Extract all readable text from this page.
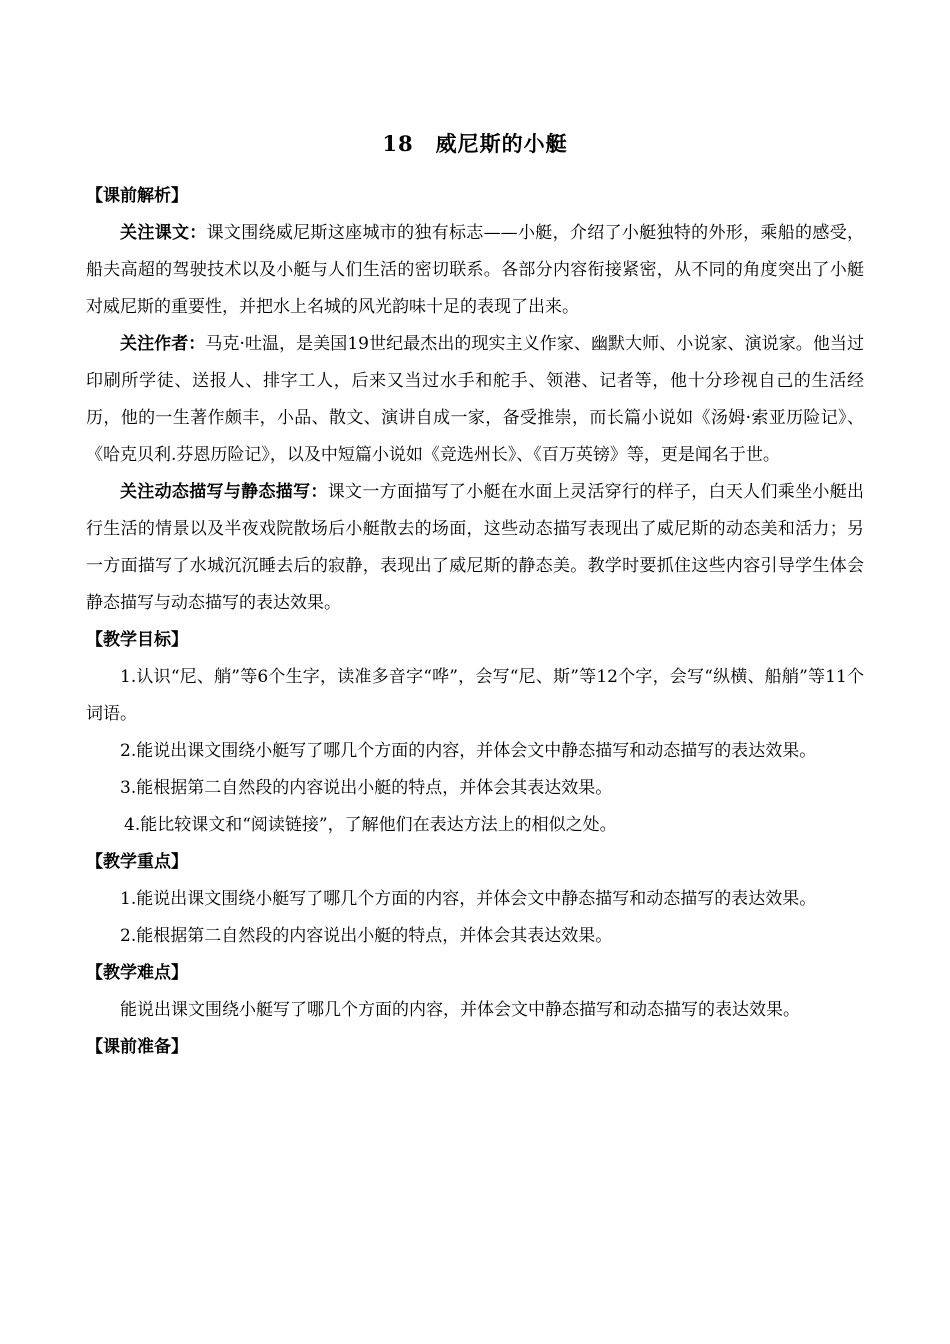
18 威尼斯的小艇

【课前解析】

关注课文：课文围绕威尼斯这座城市的独有标志——小艇，介绍了小艇独特的外形，乘船的感受，船夫高超的驾驶技术以及小艇与人们生活的密切联系。各部分内容衔接紧密，从不同的角度突出了小艇对威尼斯的重要性，并把水上名城的风光韵味十足的表现了出来。

关注作者：马克·吐温，是美国19世纪最杰出的现实主义作家、幽默大师、小说家、演说家。他当过印刷所学徒、送报人、排字工人，后来又当过水手和舵手、领港、记者等，他十分珍视自己的生活经历，他的一生著作颇丰，小品、散文、演讲自成一家，备受推崇，而长篇小说如《汤姆·索亚历险记》、《哈克贝利.芬恩历险记》，以及中短篇小说如《竞选州长》、《百万英镑》等，更是闻名于世。

关注动态描写与静态描写：课文一方面描写了小艇在水面上灵活穿行的样子，白天人们乘坐小艇出行生活的情景以及半夜戏院散场后小艇散去的场面，这些动态描写表现出了威尼斯的动态美和活力；另一方面描写了水城沉沉睡去后的寂静，表现出了威尼斯的静态美。教学时要抓住这些内容引导学生体会静态描写与动态描写的表达效果。

【教学目标】

1.认识“尼、艄”等6个生字，读准多音字“哗”，会写“尼、斯”等12个字，会写“纵横、船艄”等11个词语。

2.能说出课文围绕小艇写了哪几个方面的内容，并体会文中静态描写和动态描写的表达效果。

3.能根据第二自然段的内容说出小艇的特点，并体会其表达效果。

4.能比较课文和“阅读链接”，了解他们在表达方法上的相似之处。

【教学重点】

1.能说出课文围绕小艇写了哪几个方面的内容，并体会文中静态描写和动态描写的表达效果。

2.能根据第二自然段的内容说出小艇的特点，并体会其表达效果。

【教学难点】

能说出课文围绕小艇写了哪几个方面的内容，并体会文中静态描写和动态描写的表达效果。

【课前准备】
